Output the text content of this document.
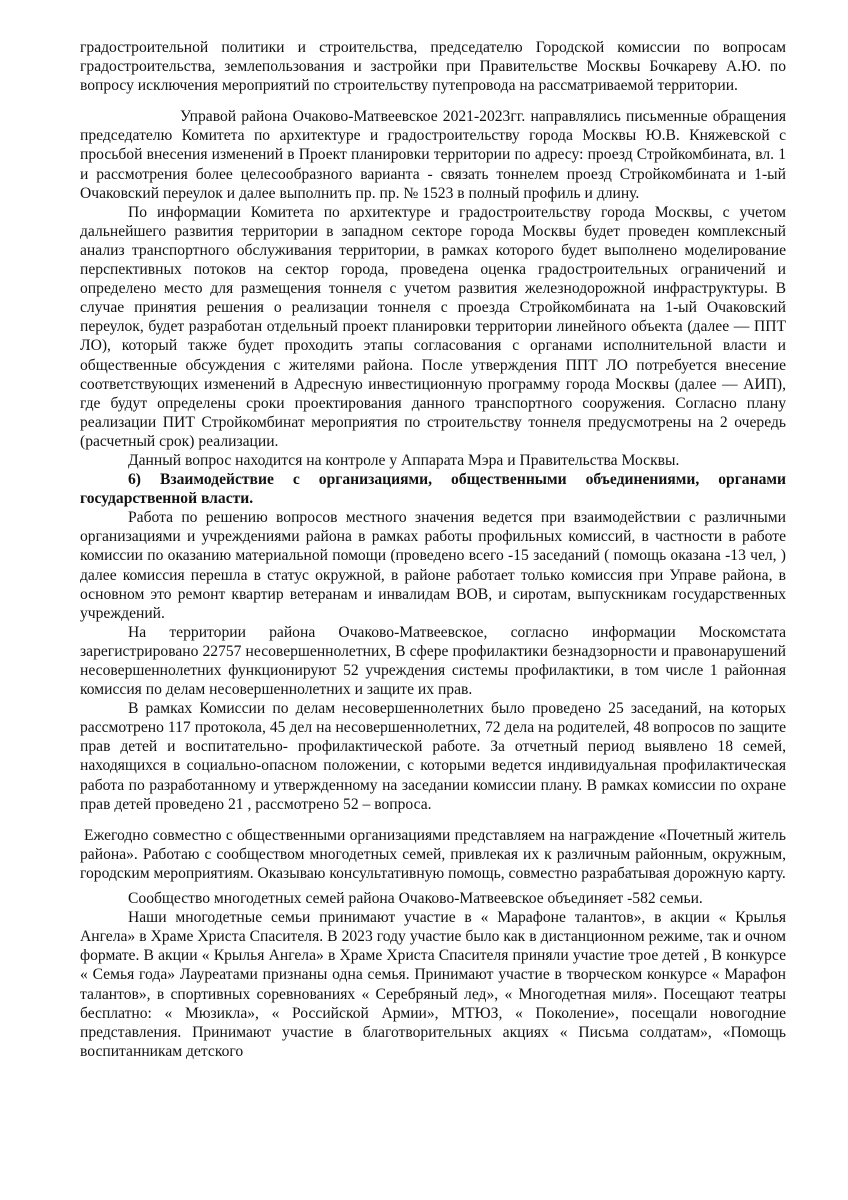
градостроительной политики и строительства, председателю Городской комиссии по вопросам градостроительства, землепользования и застройки при Правительстве Москвы Бочкареву А.Ю. по вопросу исключения мероприятий по строительству путепровода на рассматриваемой территории.

Управой района Очаково-Матвеевское 2021-2023гг. направлялись письменные обращения председателю Комитета по архитектуре и градостроительству города Москвы Ю.В. Княжевской с просьбой внесения изменений в Проект планировки территории по адресу: проезд Стройкомбината, вл. 1 и рассмотрения более целесообразного варианта - связать тоннелем проезд Стройкомбината и 1-ый Очаковский переулок и далее выполнить пр. пр. № 1523 в полный профиль и длину.

По информации Комитета по архитектуре и градостроительству города Москвы, с учетом дальнейшего развития территории в западном секторе города Москвы будет проведен комплексный анализ транспортного обслуживания территории, в рамках которого будет выполнено моделирование перспективных потоков на сектор города, проведена оценка градостроительных ограничений и определено место для размещения тоннеля с учетом развития железнодорожной инфраструктуры. В случае принятия решения о реализации тоннеля с проезда Стройкомбината на 1-ый Очаковский переулок, будет разработан отдельный проект планировки территории линейного объекта (далее — ППТ ЛО), который также будет проходить этапы согласования с органами исполнительной власти и общественные обсуждения с жителями района. После утверждения ППТ ЛО потребуется внесение соответствующих изменений в Адресную инвестиционную программу города Москвы (далее — АИП), где будут определены сроки проектирования данного транспортного сооружения. Согласно плану реализации ПИТ Стройкомбинат мероприятия по строительству тоннеля предусмотрены на 2 очередь (расчетный срок) реализации.

Данный вопрос находится на контроле у Аппарата Мэра и Правительства Москвы.

6) Взаимодействие с организациями, общественными объединениями, органами государственной власти.

Работа по решению вопросов местного значения ведется при взаимодействии с различными организациями и учреждениями района в рамках работы профильных комиссий, в частности в работе комиссии по оказанию материальной помощи (проведено всего -15 заседаний ( помощь оказана -13 чел, ) далее комиссия перешла в статус окружной, в районе работает только комиссия при Управе района, в основном это ремонт квартир ветеранам и инвалидам ВОВ, и сиротам, выпускникам государственных учреждений.

На территории района Очаково-Матвеевское, согласно информации Москомстата зарегистрировано 22757 несовершеннолетних, В сфере профилактики безнадзорности и правонарушений несовершеннолетних функционируют 52 учреждения системы профилактики, в том числе 1 районная комиссия по делам несовершеннолетних и защите их прав.

В рамках Комиссии по делам несовершеннолетних было проведено 25 заседаний, на которых рассмотрено 117 протокола, 45 дел на несовершеннолетних, 72 дела на родителей, 48 вопросов по защите прав детей и воспитательно- профилактической работе. За отчетный период выявлено 18 семей, находящихся в социально-опасном положении, с которыми ведется индивидуальная профилактическая работа по разработанному и утвержденному на заседании комиссии плану. В рамках комиссии по охране прав детей проведено 21 , рассмотрено 52 – вопроса.

Ежегодно совместно с общественными организациями представляем на награждение «Почетный житель района». Работаю с сообществом многодетных семей, привлекая их к различным районным, окружным, городским мероприятиям. Оказываю консультативную помощь, совместно разрабатывая дорожную карту.

Сообщество многодетных семей района Очаково-Матвеевское объединяет -582 семьи.

Наши многодетные семьи принимают участие в « Марафоне талантов», в акции « Крылья Ангела» в Храме Христа Спасителя. В 2023 году участие было как в дистанционном режиме, так и очном формате. В акции « Крылья Ангела» в Храме Христа Спасителя приняли участие трое детей , В конкурсе « Семья года» Лауреатами признаны одна семья. Принимают участие в творческом конкурсе « Марафон талантов», в спортивных соревнованиях « Серебряный лед», « Многодетная миля». Посещают театры бесплатно: « Мюзикла», « Российской Армии», МТЮЗ, « Поколение», посещали новогодние представления. Принимают участие в благотворительных акциях « Письма солдатам», «Помощь воспитанникам детского
